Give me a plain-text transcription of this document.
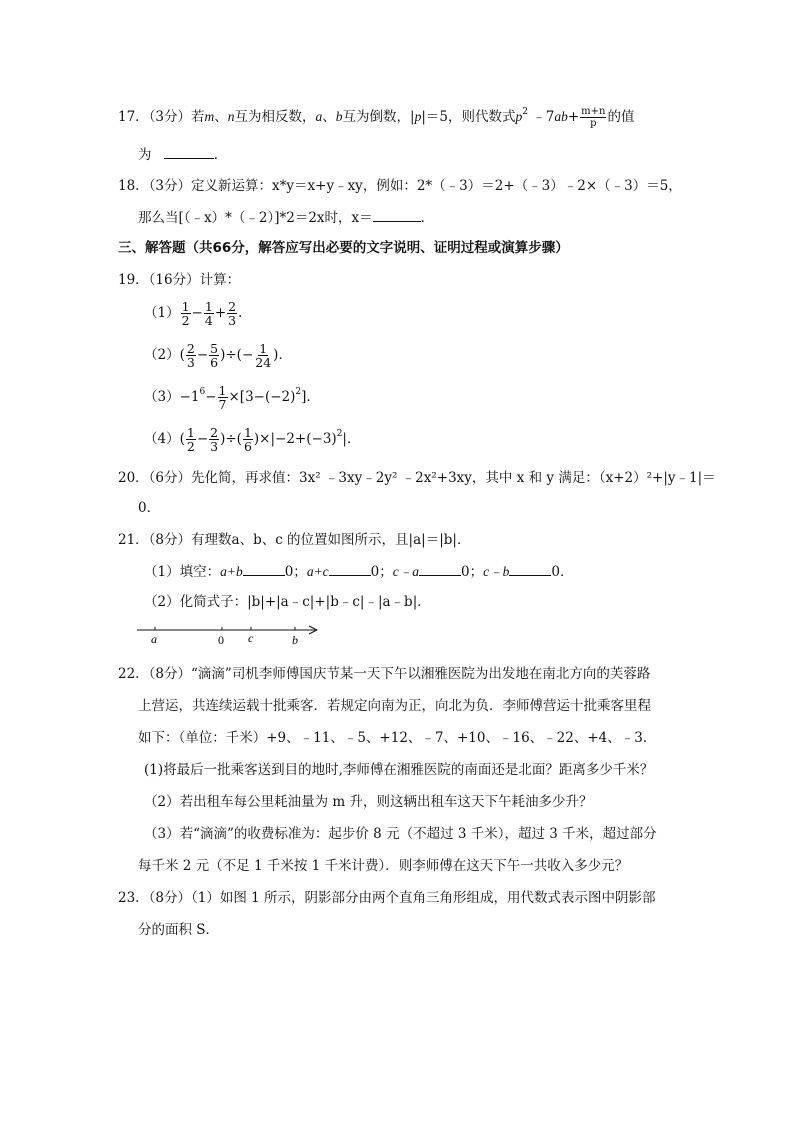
17．（3分）若m、n互为相反数，a、b互为倒数，|p|＝5，则代数式$p^2$ ﹣7ab+ $\frac{m+n}{p}$ 的值
为	．
18．（3分）定义新运算：x*y＝x+y﹣xy，例如：2*（﹣3）＝2+（﹣3）﹣2×（﹣3）＝5，
那么当[（﹣x）*（﹣2）]*2＝2x时，x＝	．
三、解答题（共66分，解答应写出必要的文字说明、证明过程或演算步骤）
19．（16分）计算：
$(1) \frac{1}{2} - \frac{1}{4} + \frac{2}{3}$ ．
$(2)( \frac{2}{3} - \frac{5}{6}$ )÷(− $\frac{1}{24}$ )．
$(3)-1^6- \frac{1}{7} \times[3-(-2)^2]$．
$(4)( \frac{1}{2} - \frac{2}{3}$ )÷( $\frac{1}{6} )\times|-2+(-3)^2|$．
20．（6分）先化简，再求值：3x² ﹣3xy﹣2y² ﹣2x²+3xy，其中 x 和 y 满足：（x+2）²+|y﹣1|＝
0．
21．（8分）有理数a、b、c 的位置如图所示，且|a|＝|b|．
（1）填空：a+b	0；a+c	0；c﹣a	0；c﹣b	0．
（2）化简式子：|b|+|a﹣c|+|b﹣c|﹣|a﹣b|．
a	0 c	b
22．（8分）“滴滴”司机李师傅国庆节某一天下午以湘雅医院为出发地在南北方向的芙蓉路
上营运，共连续运载十批乘客．若规定向南为正，向北为负．李师傅营运十批乘客里程
如下：（单位：千米）+9、﹣11、﹣5、+12、﹣7、+10、﹣16、﹣22、+4、﹣3．
(1)将最后一批乘客送到目的地时,李师傅在湘雅医院的南面还是北面？距离多少千米？
（2）若出租车每公里耗油量为 m 升，则这辆出租车这天下午耗油多少升？
（3）若“滴滴”的收费标准为：起步价 8 元（不超过 3 千米），超过 3 千米，超过部分
每千米 2 元（不足 1 千米按 1 千米计费）．则李师傅在这天下午一共收入多少元？
23．（8分）（1）如图 1 所示，阴影部分由两个直角三角形组成，用代数式表示图中阴影部
分的面积 S．
